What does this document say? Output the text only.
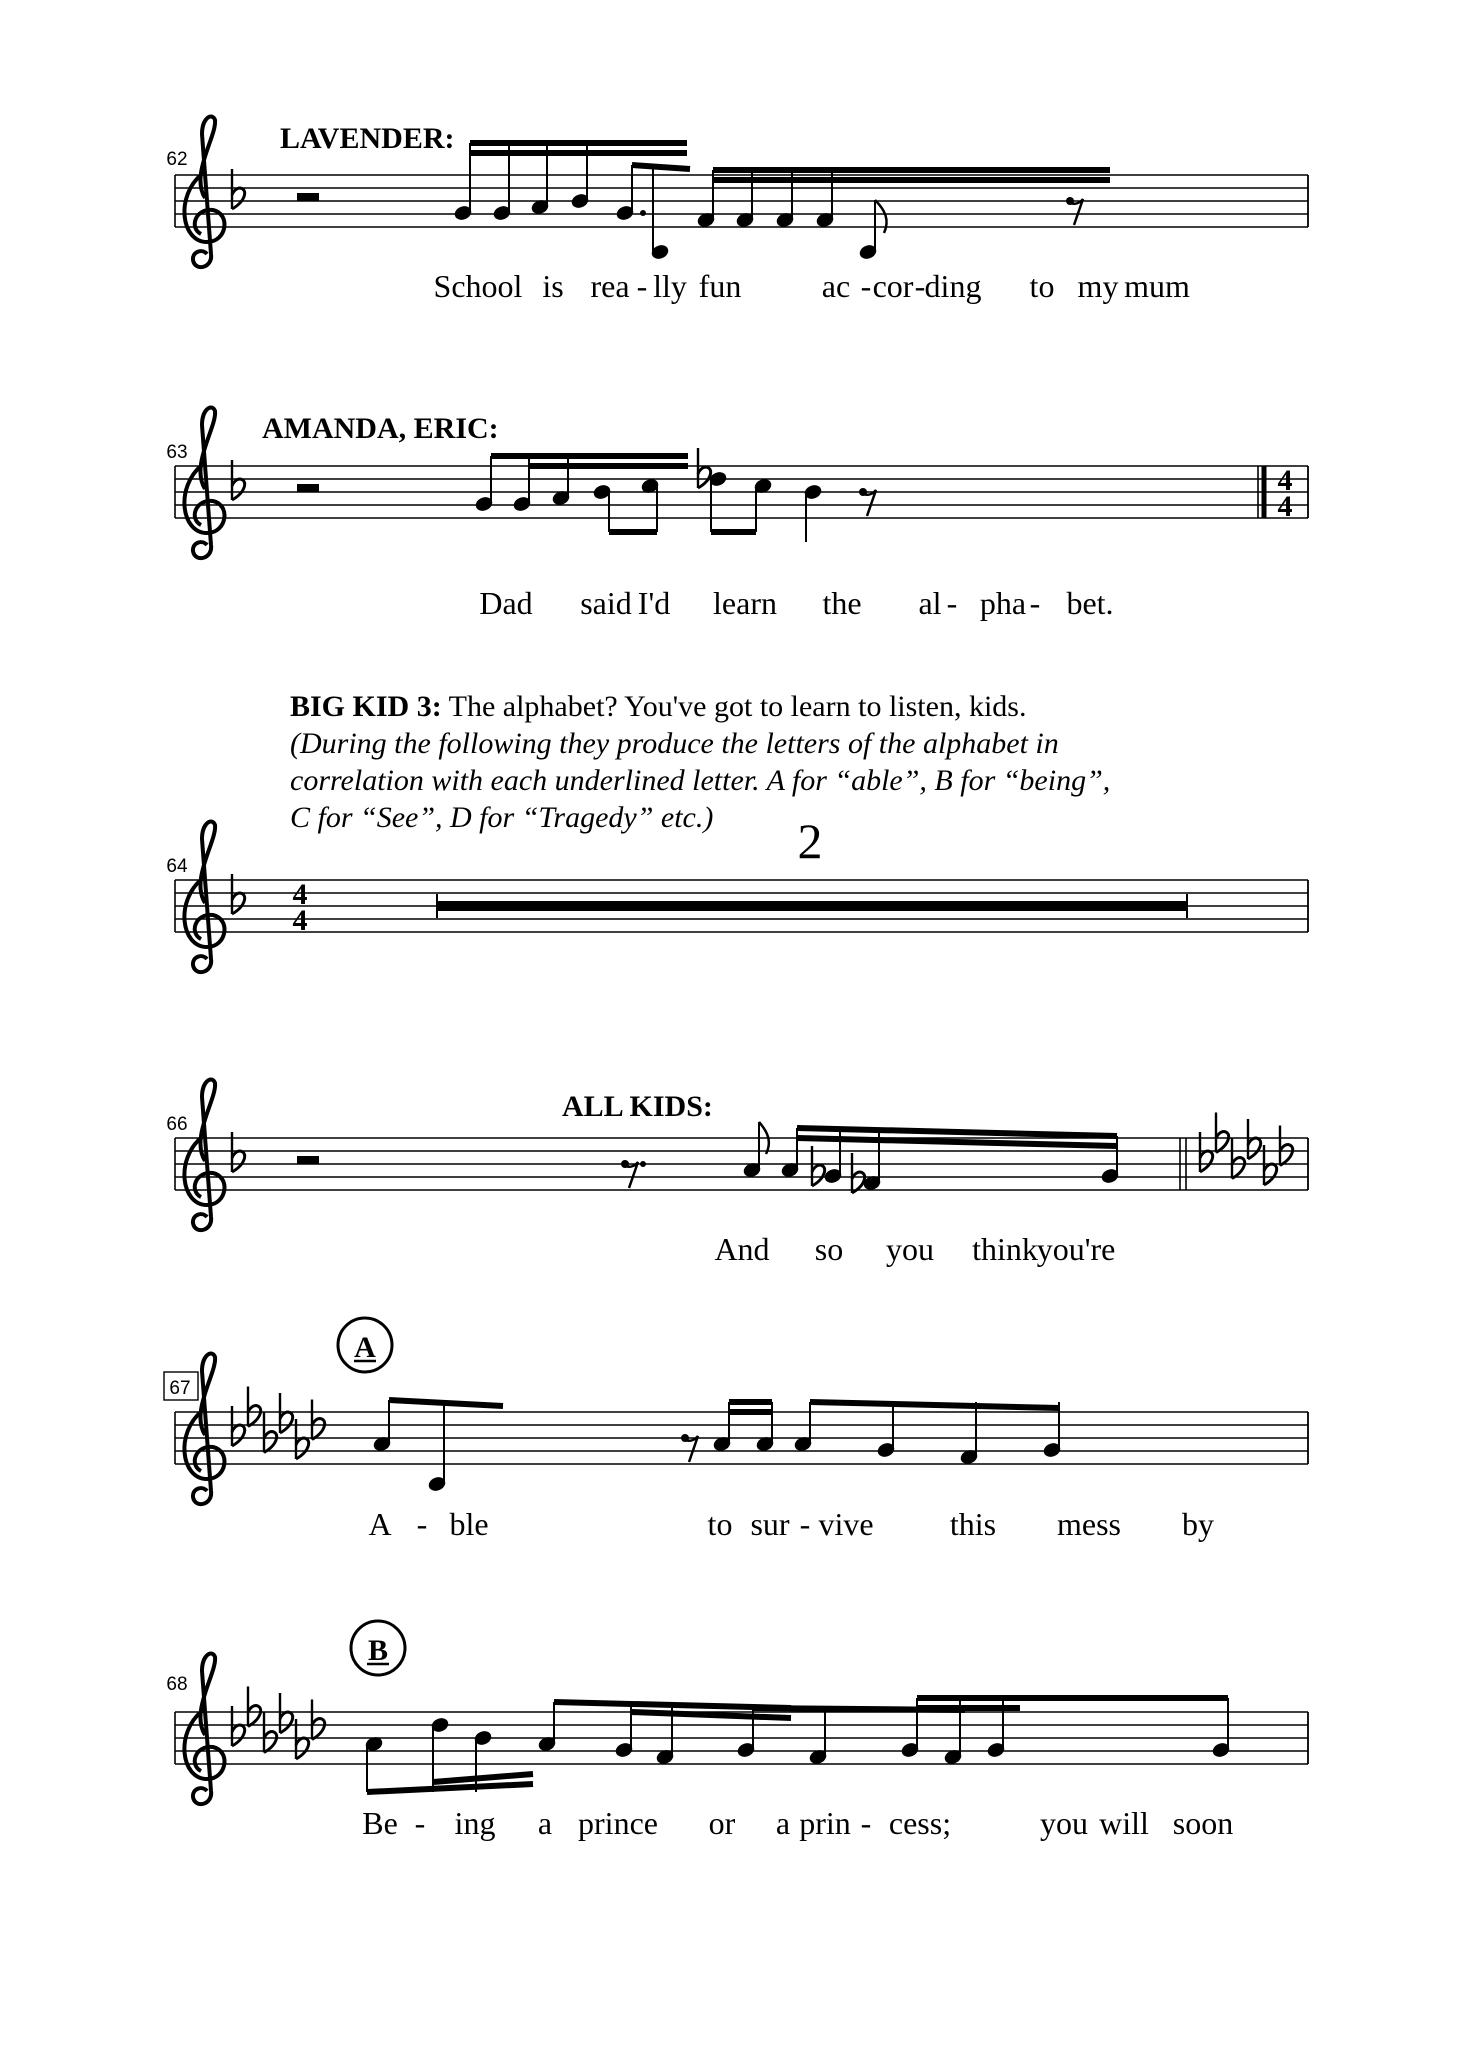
62
LAVENDER:
School is rea - lly fun	ac - cor - ding to my mum
63
AMANDA, ERIC:
Dad said I'd learn the al - pha - bet.
4
4
64
4
4
2
66
ALL KIDS:
And so you think
you're
67
A
A - ble	to sur - vive this mess by
68
B
Be - ing a prince or a prin - cess;	you will soon
BIG KID 3: The alphabet? You've got to learn to listen, kids.
(During the following they produce the letters of the alphabet in
correlation with each underlined letter. A for “able”, B for “being”,
C for “See”, D for “Tragedy” etc.)
